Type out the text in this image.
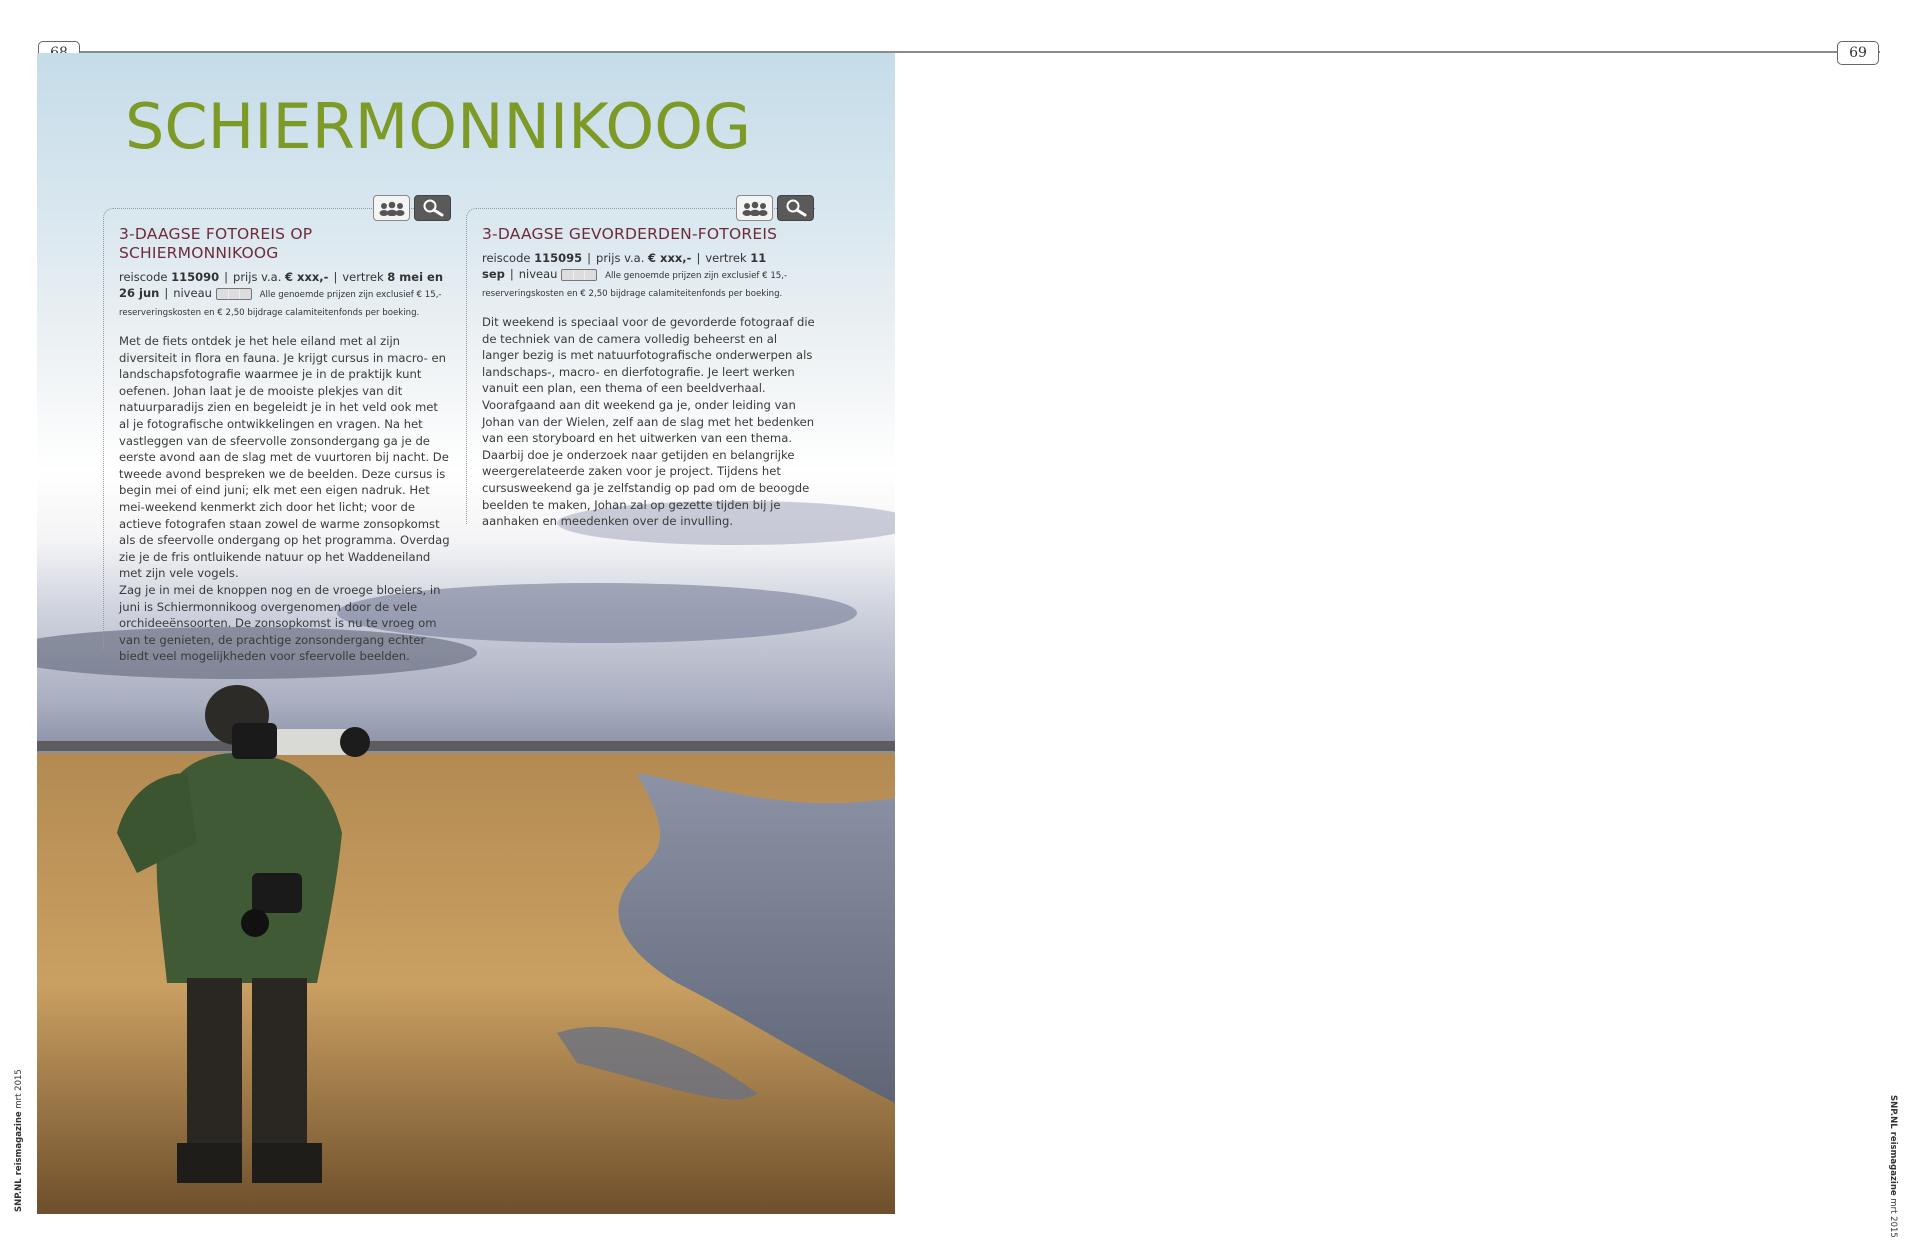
69
SCHIERMONNIKOOG
3-DAAGSE FOTOREIS OP SCHIERMONNIKOOG
reiscode 115090 | prijs v.a. € xxx,- | vertrek 8 mei en 26 jun | niveau	Alle genoemde prijzen zijn exclusief € 15,- reserveringskosten en € 2,50 bijdrage calamiteitenfonds per boeking.

Met de fiets ontdek je het hele eiland met al zijn diversiteit in flora en fauna. Je krijgt cursus in macro- en landschapsfotografie waarmee je in de praktijk kunt oefenen. Johan laat je de mooiste plekjes van dit natuurparadijs zien en begeleidt je in het veld ook met al je fotografische ontwikkelingen en vragen. Na het vastleggen van de sfeervolle zonsondergang ga je de eerste avond aan de slag met de vuurtoren bij nacht. De tweede avond bespreken we de beelden. Deze cursus is begin mei of eind juni; elk met een eigen nadruk. Het mei-weekend kenmerkt zich door het licht; voor de actieve fotografen staan zowel de warme zonsopkomst als de sfeervolle ondergang op het programma. Overdag zie je de fris ontluikende natuur op het Waddeneiland met zijn vele vogels.

Zag je in mei de knoppen nog en de vroege bloeiers, in juni is Schiermonnikoog overgenomen door de vele orchideeënsoorten. De zonsopkomst is nu te vroeg om van te genieten, de prachtige zonsondergang echter biedt veel mogelijkheden voor sfeervolle beelden.

3-DAAGSE GEVORDERDEN-FOTOREIS
reiscode 115095 | prijs v.a. € xxx,- | vertrek 11 sep | niveau	Alle genoemde prijzen zijn exclusief € 15,- reserveringskosten en € 2,50 bijdrage calamiteitenfonds per boeking.

Dit weekend is speciaal voor de gevorderde fotograaf die de techniek van de camera volledig beheerst en al langer bezig is met natuurfotografische onderwerpen als landschaps-, macro- en dierfotografie. Je leert werken vanuit een plan, een thema of een beeldverhaal. Voorafgaand aan dit weekend ga je, onder leiding van Johan van der Wielen, zelf aan de slag met het bedenken van een storyboard en het uitwerken van een thema. Daarbij doe je onderzoek naar getijden en belangrijke weergerelateerde zaken voor je project. Tijdens het cursusweekend ga je zelfstandig op pad om de beoogde beelden te maken, Johan zal op gezette tijden bij je aanhaken en meedenken over de invulling.

SNP.NL reismagazine mrt 2015
SNP.NL reismagazine mrt 2015
